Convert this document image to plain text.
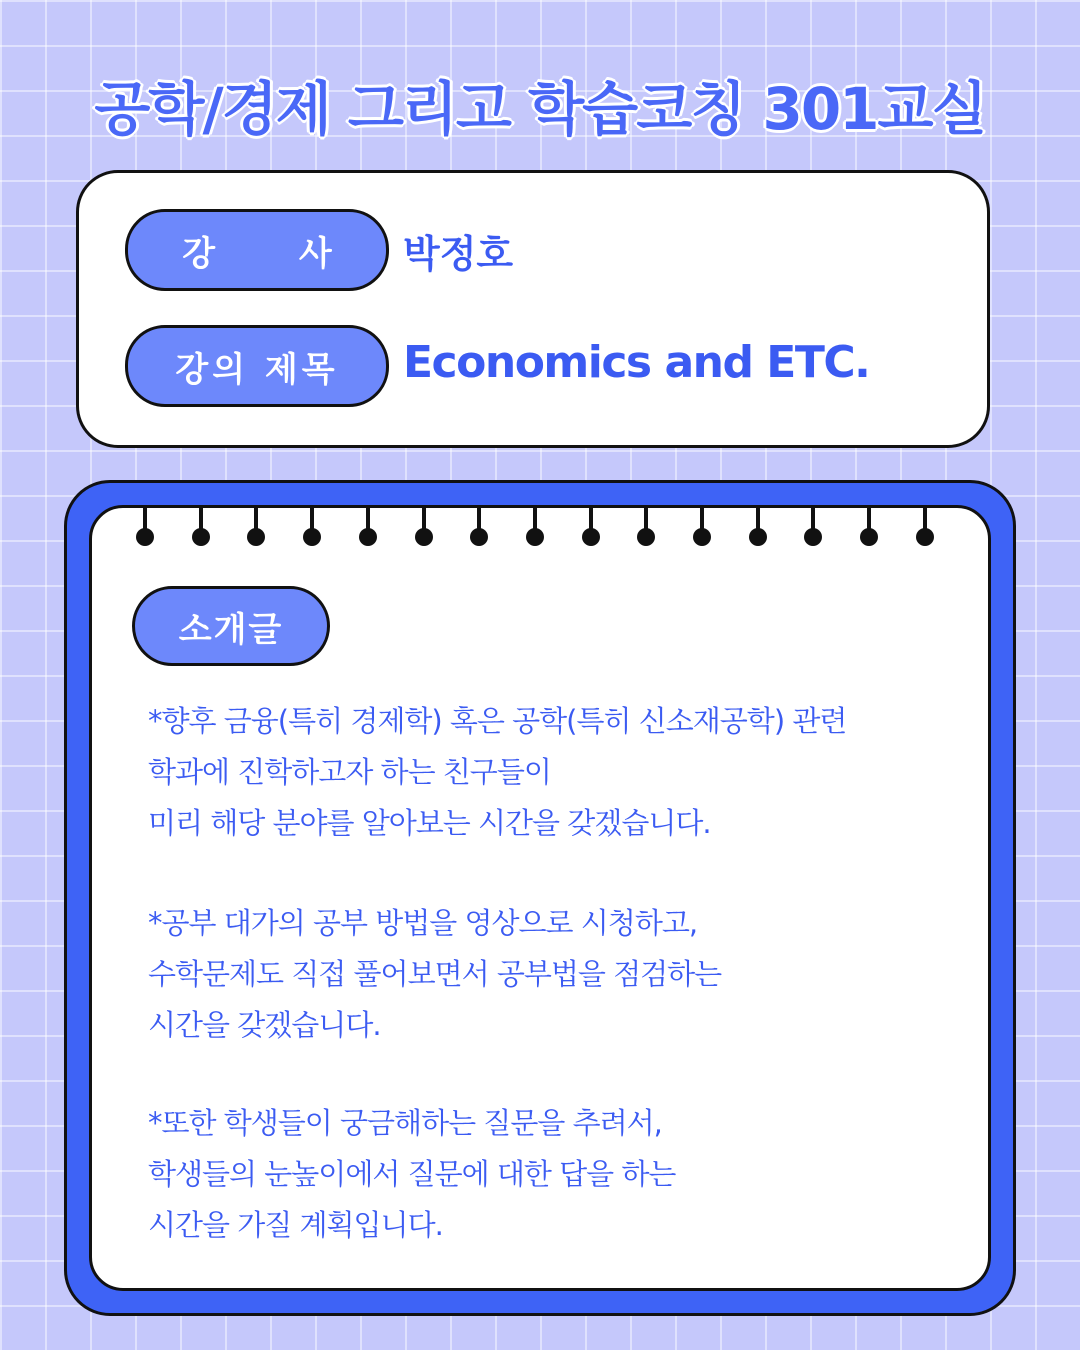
공학/경제 그리고 학습코칭 301교실
강 사 박정호
강의 제목	Economics and ETC.
소개글

*향후 금융(특히 경제학) 혹은 공학(특히 신소재공학) 관련
학과에 진학하고자 하는 친구들이
미리 해당 분야를 알아보는 시간을 갖겠습니다.

*공부 대가의 공부 방법을 영상으로 시청하고,
수학문제도 직접 풀어보면서 공부법을 점검하는
시간을 갖겠습니다.

*또한 학생들이 궁금해하는 질문을 추려서,
학생들의 눈높이에서 질문에 대한 답을 하는
시간을 가질 계획입니다.
